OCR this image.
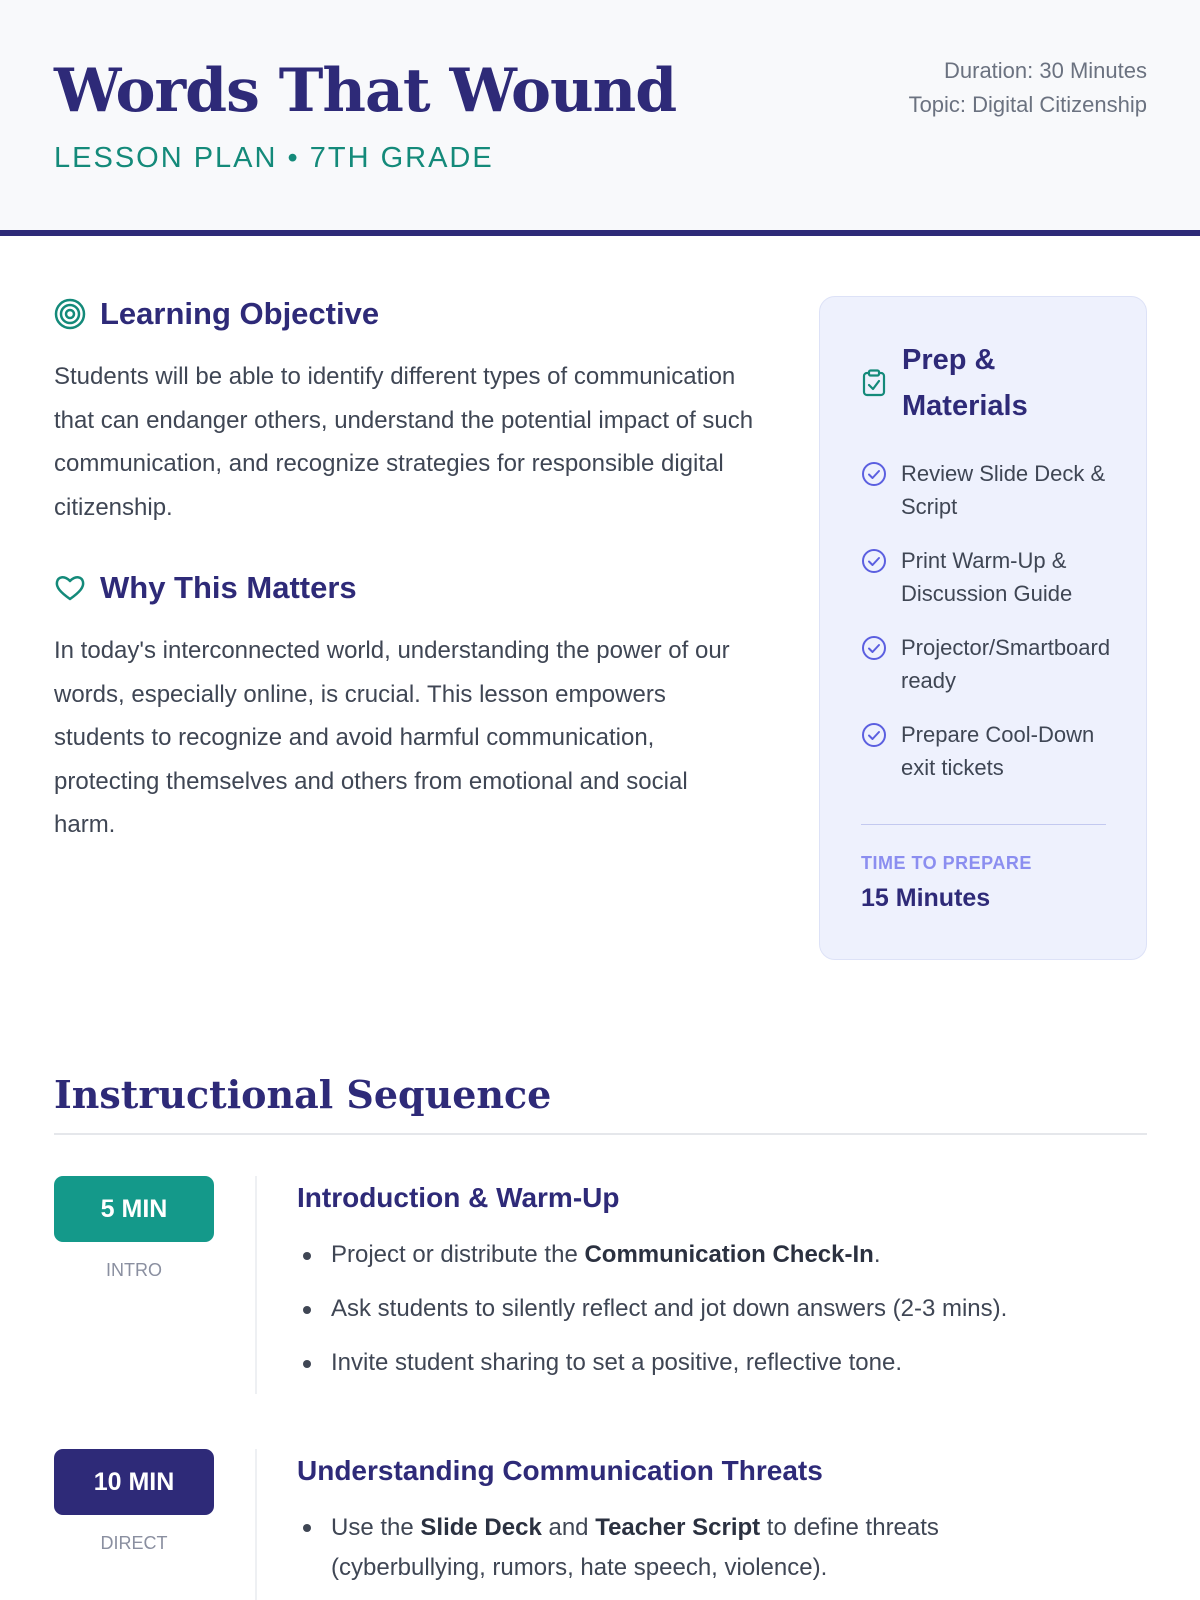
Words That Wound
LESSON PLAN • 7TH GRADE
Duration: 30 Minutes
Topic: Digital Citizenship
Learning Objective

Students will be able to identify different types of communication that can endanger others, understand the potential impact of such communication, and recognize strategies for responsible digital citizenship.

Why This Matters

In today's interconnected world, understanding the power of our words, especially online, is crucial. This lesson empowers students to recognize and avoid harmful communication, protecting themselves and others from emotional and social harm.

Prep & Materials
Review Slide Deck & Script
Print Warm-Up & Discussion Guide
Projector/Smartboard ready
Prepare Cool-Down exit tickets
TIME TO PREPARE
15 Minutes
Instructional Sequence
5 MIN
INTRO
Introduction & Warm-Up
Project or distribute the Communication Check-In.
Ask students to silently reflect and jot down answers (2-3 mins).
Invite student sharing to set a positive, reflective tone.
10 MIN
DIRECT
Understanding Communication Threats
Use the Slide Deck and Teacher Script to define threats (cyberbullying, rumors, hate speech, violence).
